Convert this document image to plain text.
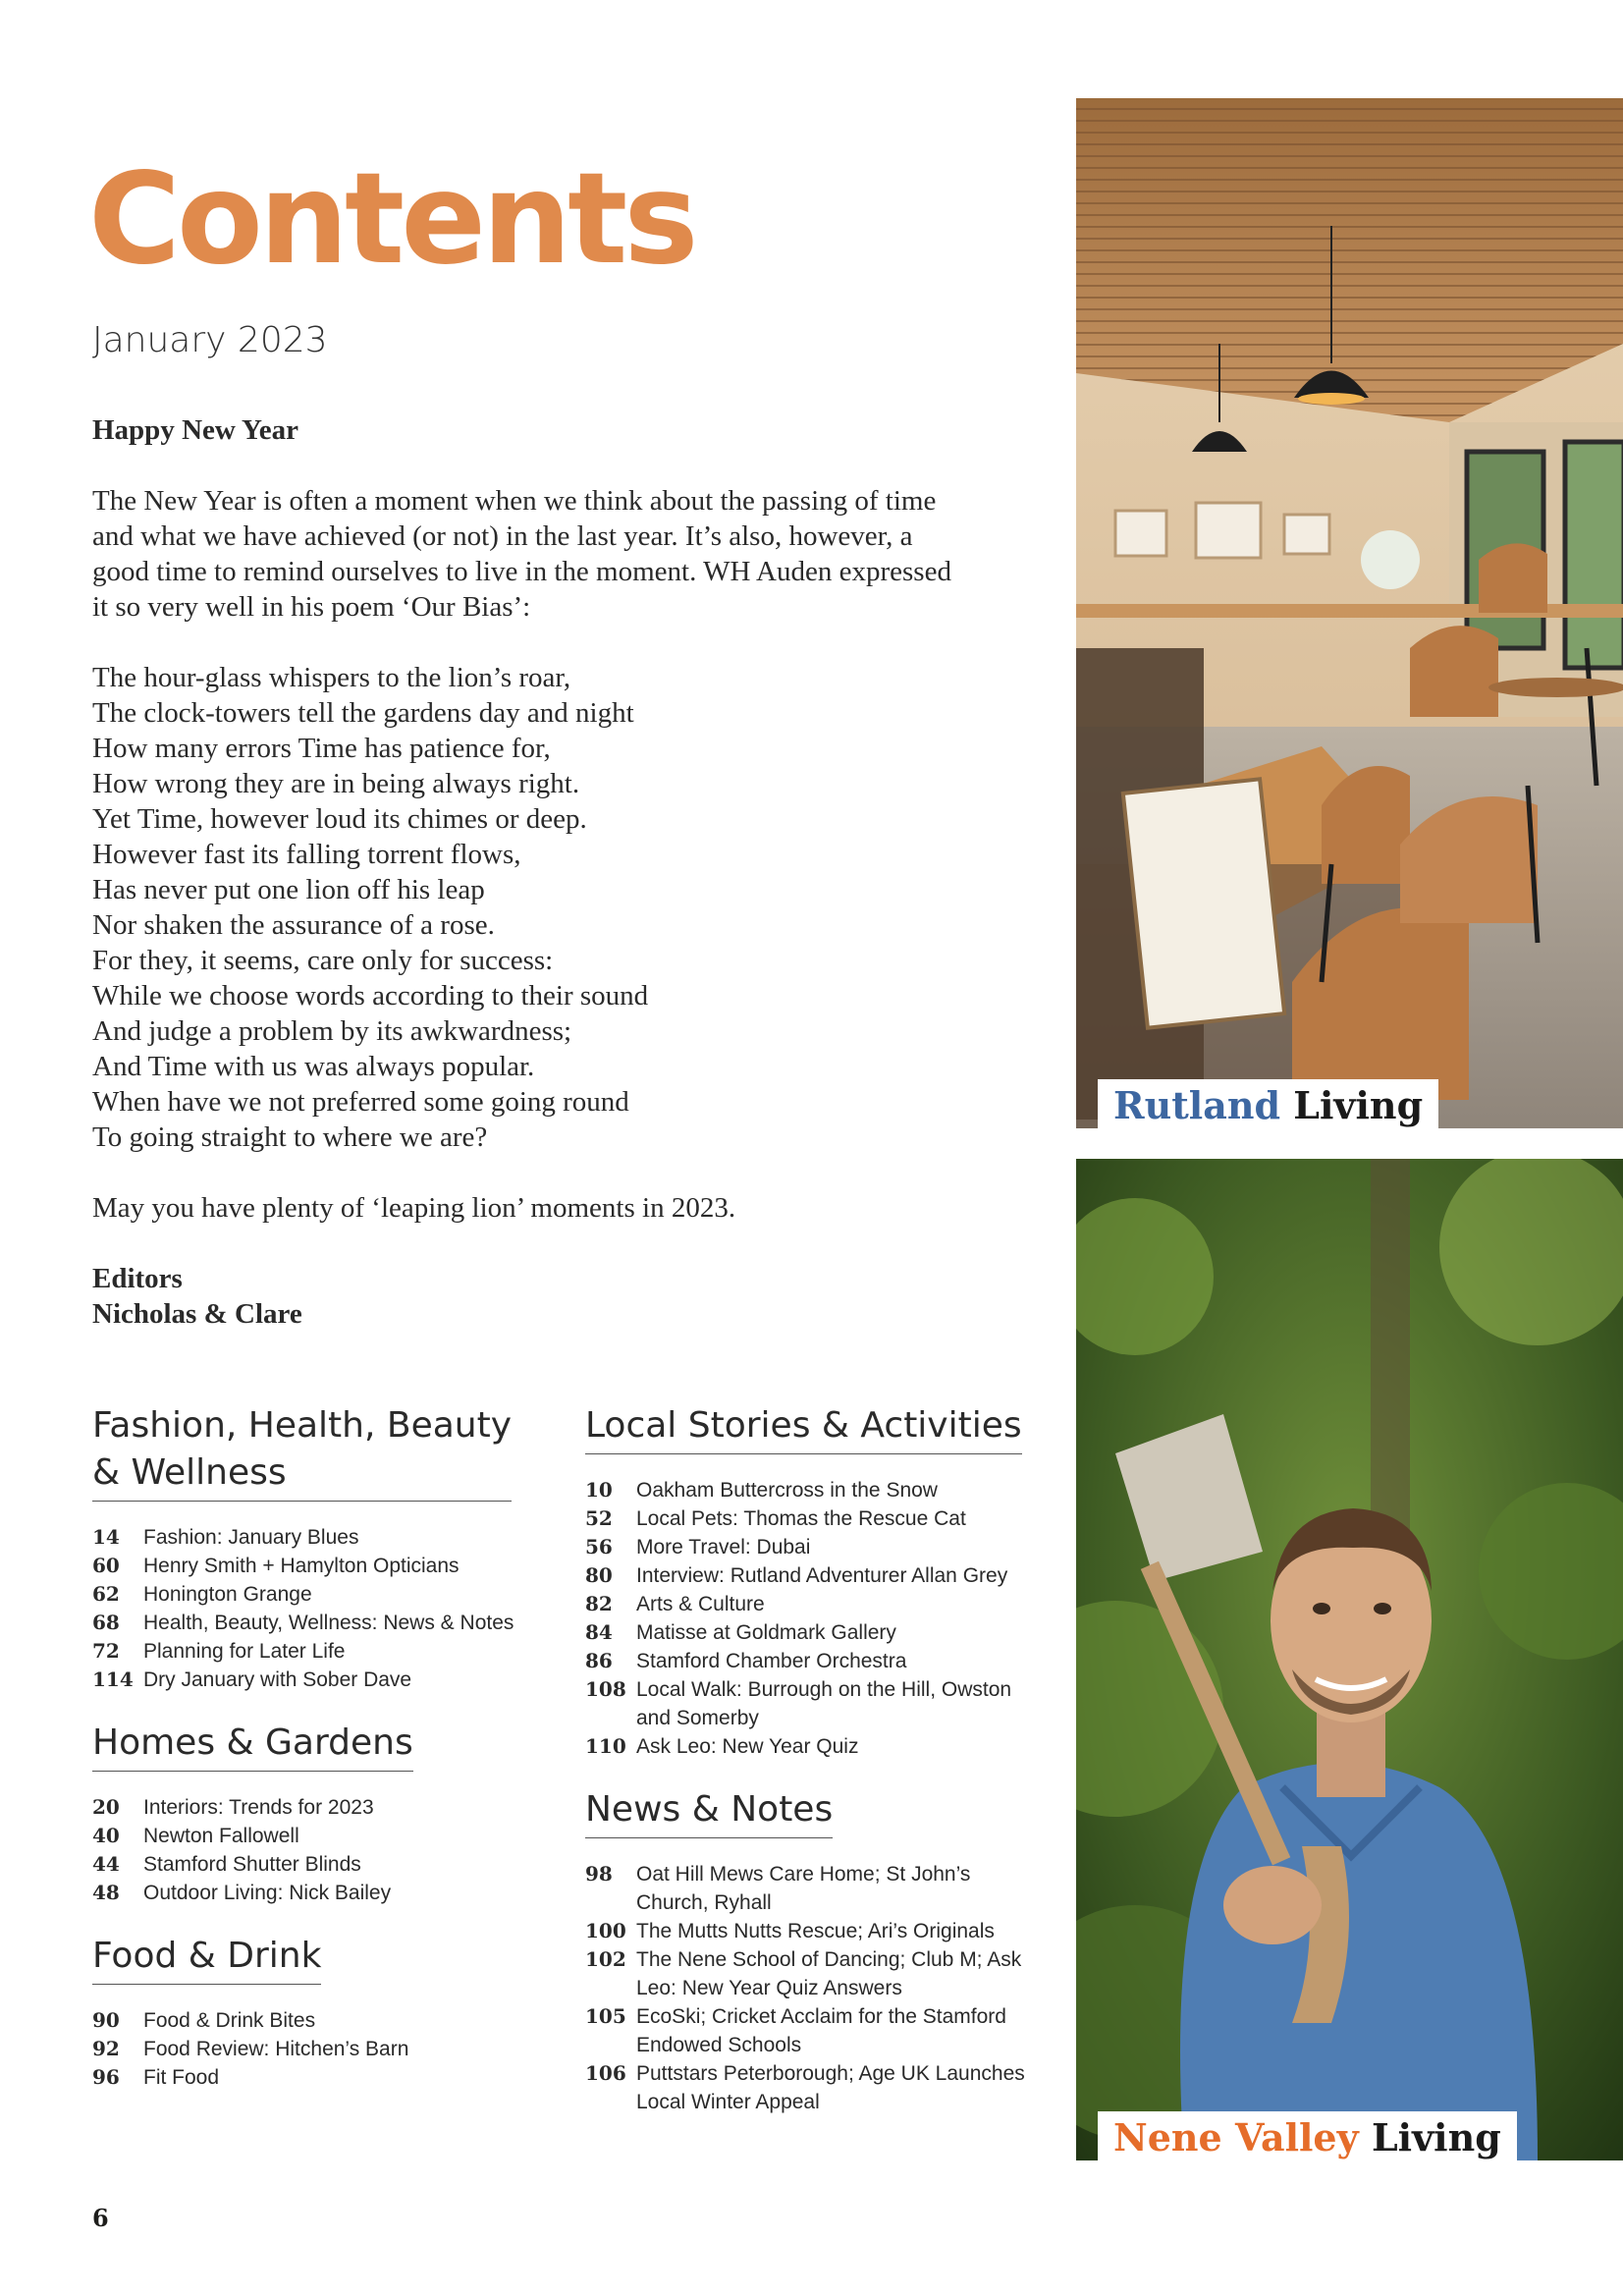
Contents
January 2023
Happy New Year
The New Year is often a moment when we think about the passing of time
and what we have achieved (or not) in the last year. It’s also, however, a
good time to remind ourselves to live in the moment. WH Auden expressed
it so very well in his poem ‘Our Bias’:
The hour-glass whispers to the lion’s roar,
The clock-towers tell the gardens day and night
How many errors Time has patience for,
How wrong they are in being always right.
Yet Time, however loud its chimes or deep.
However fast its falling torrent flows,
Has never put one lion off his leap
Nor shaken the assurance of a rose.
For they, it seems, care only for success:
While we choose words according to their sound
And judge a problem by its awkwardness;
And Time with us was always popular.
When have we not preferred some going round
To going straight to where we are?
May you have plenty of ‘leaping lion’ moments in 2023.
Editors
Nicholas & Clare
Fashion, Health, Beauty
& Wellness
14	Fashion: January Blues
60	Henry Smith + Hamylton Opticians
62	Honington Grange
68	Health, Beauty, Wellness: News & Notes
72	Planning for Later Life
114 Dry January with Sober Dave
Homes & Gardens
20	Interiors: Trends for 2023
40	Newton Fallowell
44	Stamford Shutter Blinds
48	Outdoor Living: Nick Bailey
Food & Drink
90	Food & Drink Bites
92	Food Review: Hitchen’s Barn
96	Fit Food
Local Stories & Activities
10	Oakham Buttercross in the Snow
52	Local Pets: Thomas the Rescue Cat
56	More Travel: Dubai
80	Interview: Rutland Adventurer Allan Grey
82	Arts & Culture
84	Matisse at Goldmark Gallery
86	Stamford Chamber Orchestra
108 Local Walk: Burrough on the Hill, Owston and Somerby
110 Ask Leo: New Year Quiz
News & Notes
98	Oat Hill Mews Care Home; St John’s Church, Ryhall
100 The Mutts Nutts Rescue; Ari’s Originals
102 The Nene School of Dancing; Club M; Ask Leo: New Year Quiz Answers
105 EcoSki; Cricket Acclaim for the Stamford Endowed Schools
106 Puttstars Peterborough; Age UK Launches Local Winter Appeal
Rutland Living
Nene Valley Living
6
